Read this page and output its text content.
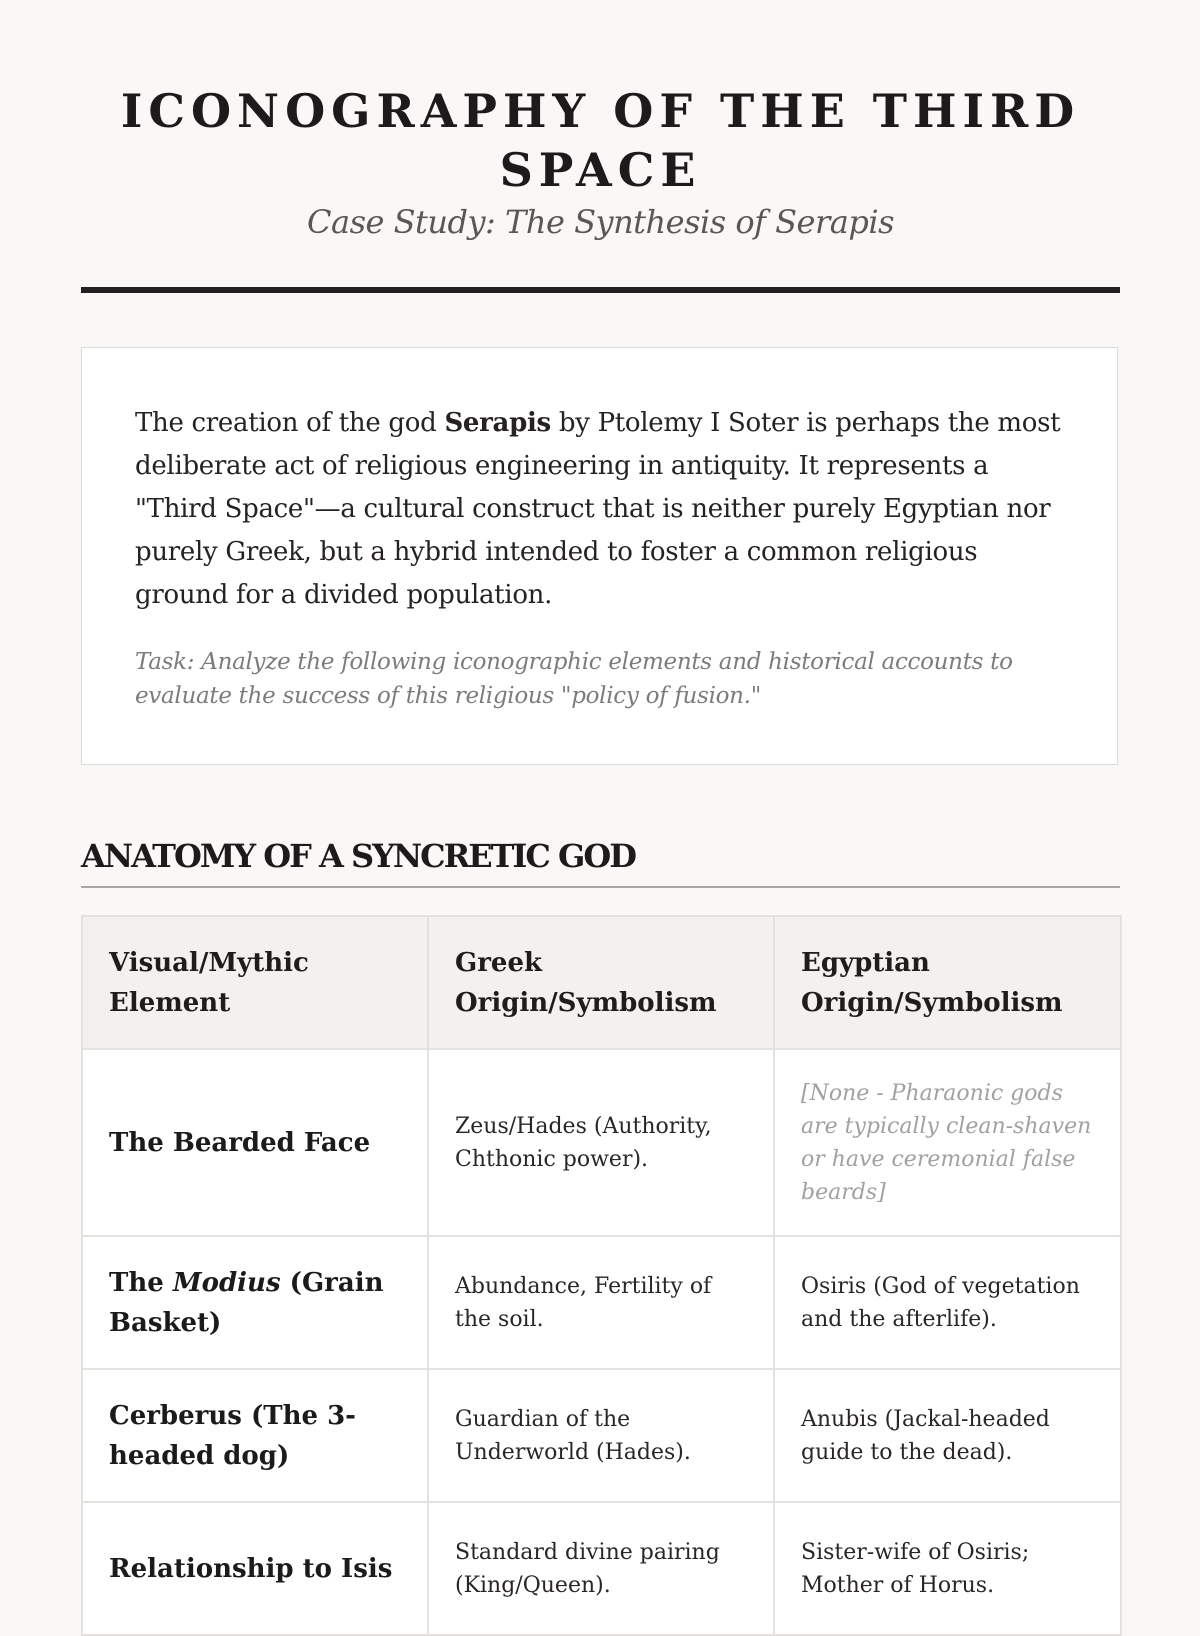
ICONOGRAPHY OF THE THIRD SPACE
Case Study: The Synthesis of Serapis

The creation of the god Serapis by Ptolemy I Soter is perhaps the most deliberate act of religious engineering in antiquity. It represents a "Third Space"—a cultural construct that is neither purely Egyptian nor purely Greek, but a hybrid intended to foster a common religious ground for a divided population.

Task: Analyze the following iconographic elements and historical accounts to evaluate the success of this religious "policy of fusion."

ANATOMY OF A SYNCRETIC GOD
Visual/Mythic Element	Greek Origin/Symbolism	Egyptian Origin/Symbolism
The Bearded Face	Zeus/Hades (Authority, Chthonic power).	[None - Pharaonic gods are typically clean-shaven or have ceremonial false beards]
The Modius (Grain Basket)	Abundance, Fertility of the soil.	Osiris (God of vegetation and the afterlife).
Cerberus (The 3-headed dog)	Guardian of the Underworld (Hades).	Anubis (Jackal-headed guide to the dead).
Relationship to Isis	Standard divine pairing (King/Queen).	Sister-wife of Osiris; Mother of Horus.
